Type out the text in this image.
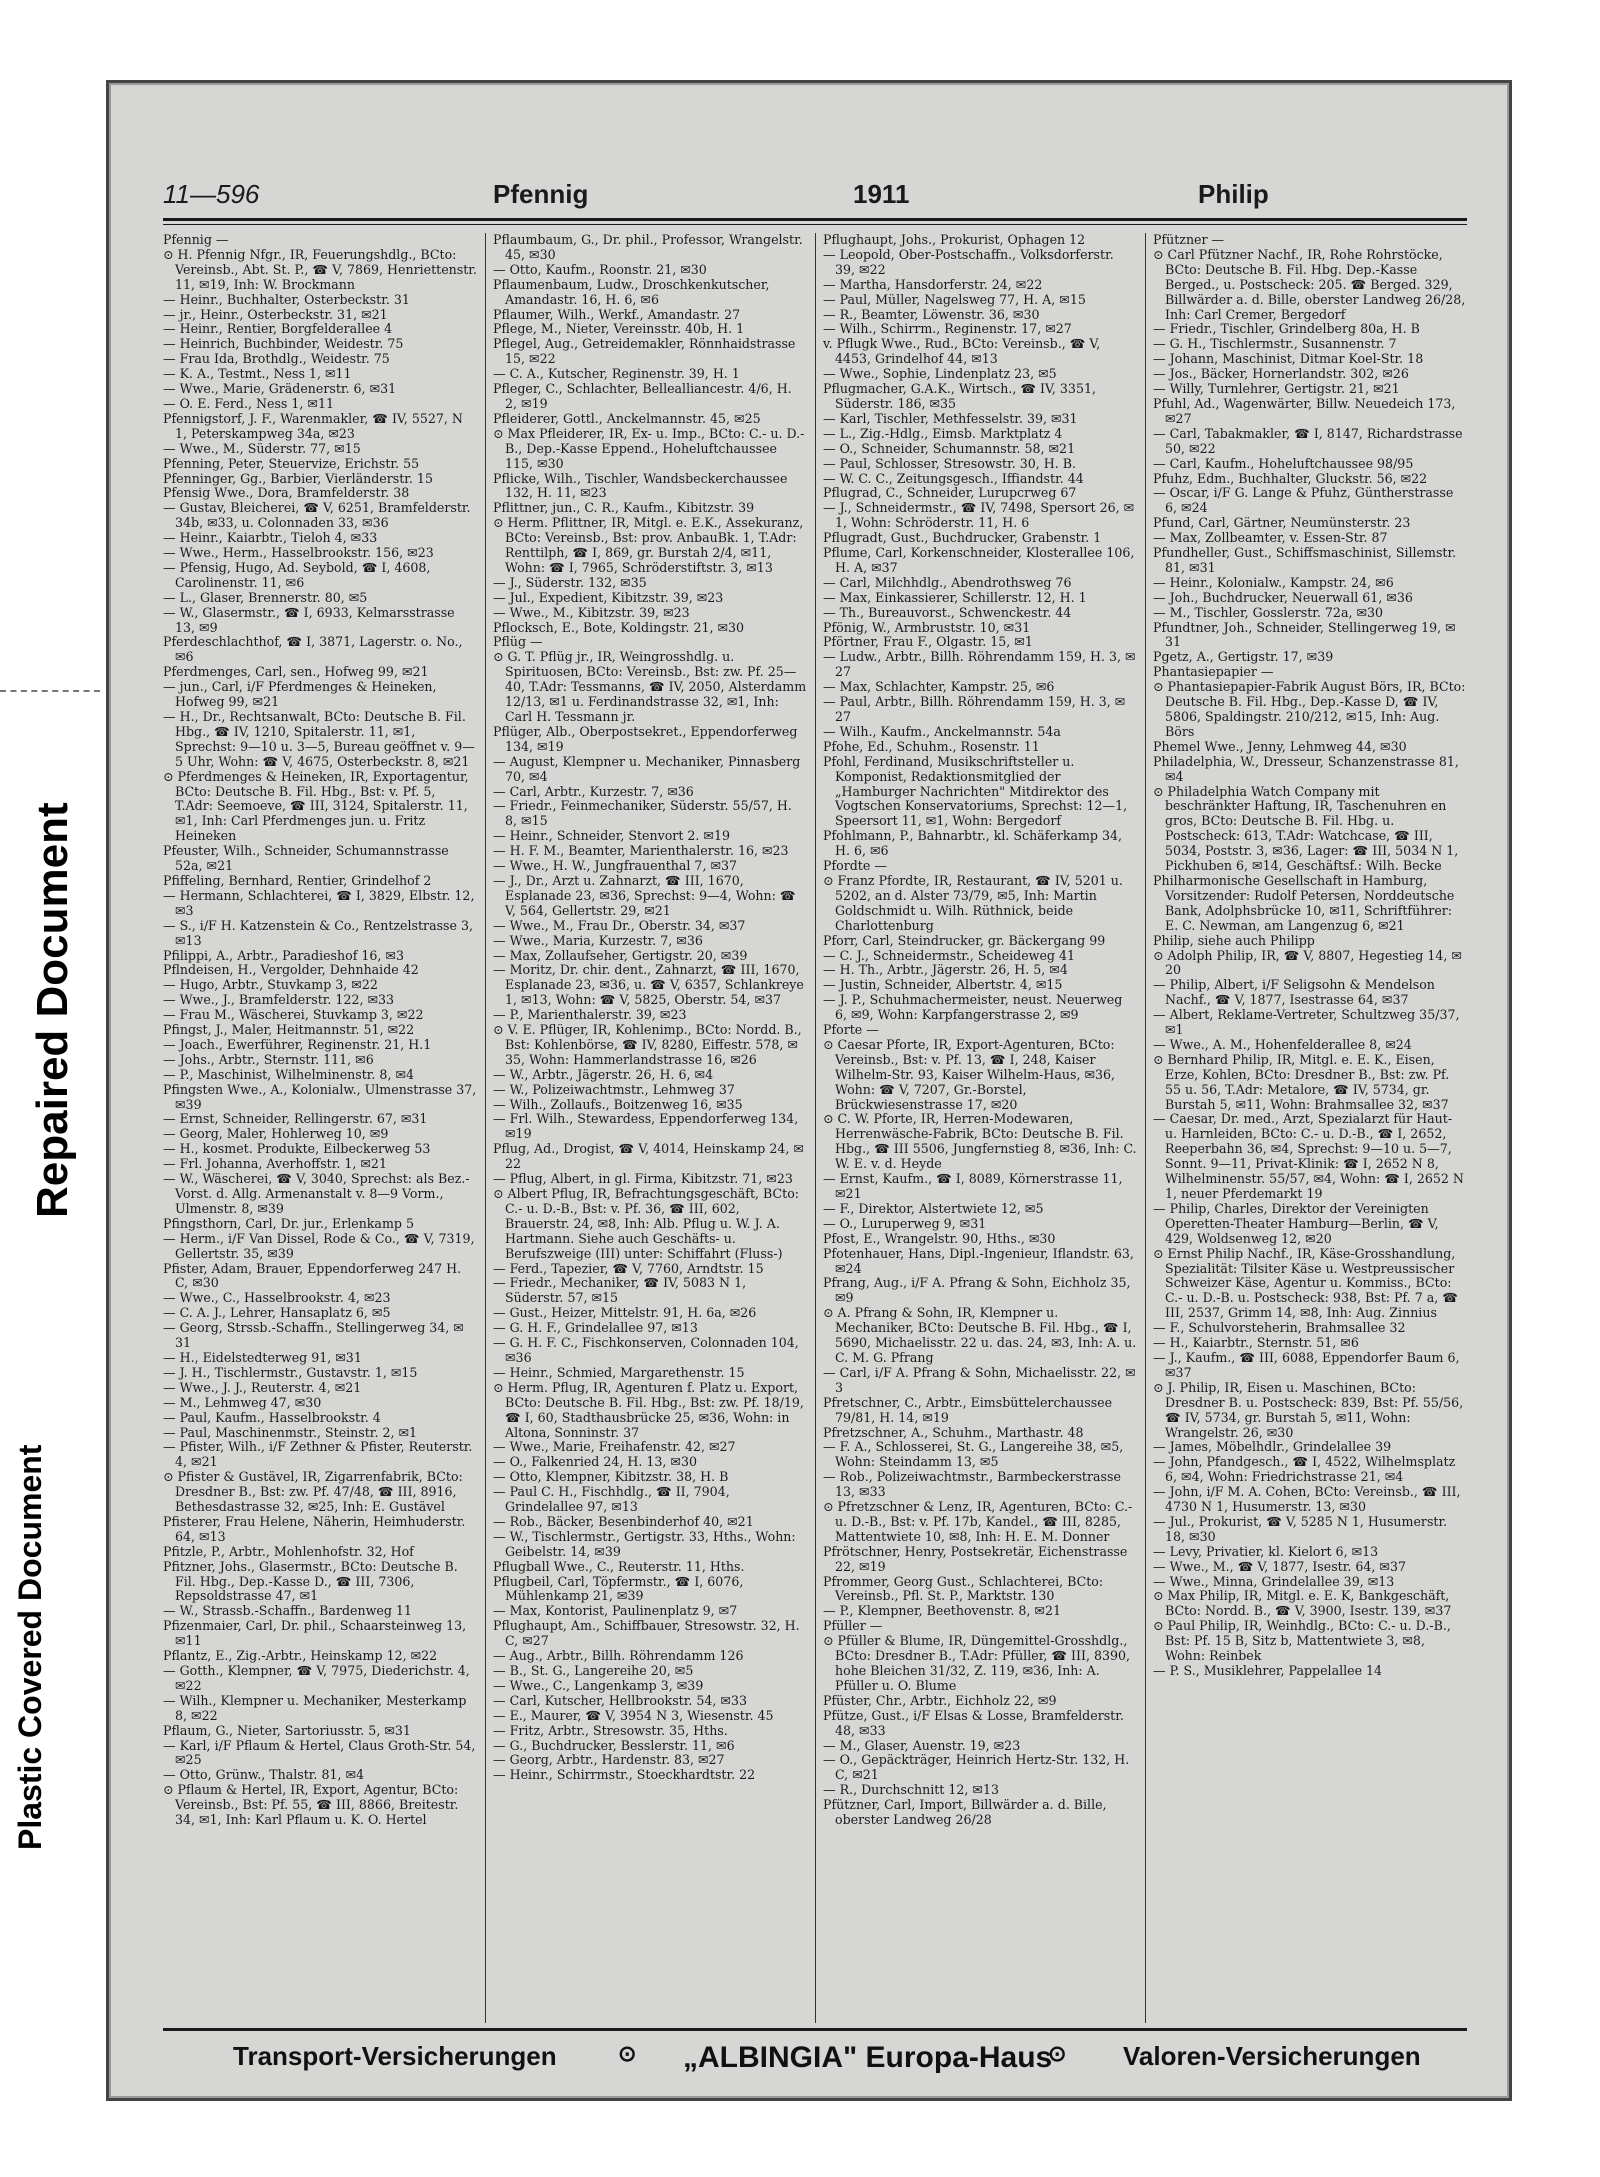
Repaired Document
Plastic Covered Document
11—596	Pfennig	1911	Philip

Pfennig —

⊙ H. Pfennig Nfgr., IR, Feuerungshdlg., BCto: Vereinsb., Abt. St. P., ☎ V, 7869, Henriettenstr. 11, ✉19, Inh: W. Brockmann

— Heinr., Buchhalter, Osterbeckstr. 31

— jr., Heinr., Osterbeckstr. 31, ✉21

— Heinr., Rentier, Borgfelderallee 4

— Heinrich, Buchbinder, Weidestr. 75

— Frau Ida, Brothdlg., Weidestr. 75

— K. A., Testmt., Ness 1, ✉11

— Wwe., Marie, Grädenerstr. 6, ✉31

— O. E. Ferd., Ness 1, ✉11

Pfennigstorf, J. F., Warenmakler, ☎ IV, 5527, N 1, Peterskampweg 34a, ✉23

— Wwe., M., Süderstr. 77, ✉15

Pfenning, Peter, Steuervize, Erichstr. 55

Pfenninger, Gg., Barbier, Vierländerstr. 15

Pfensig Wwe., Dora, Bramfelderstr. 38

— Gustav, Bleicherei, ☎ V, 6251, Bramfelderstr. 34b, ✉33, u. Colonnaden 33, ✉36

— Heinr., Kaiarbtr., Tieloh 4, ✉33

— Wwe., Herm., Hasselbrookstr. 156, ✉23

— Pfensig, Hugo, Ad. Seybold, ☎ I, 4608, Carolinenstr. 11, ✉6

— L., Glaser, Brennerstr. 80, ✉5

— W., Glasermstr., ☎ I, 6933, Kelmarsstrasse 13, ✉9

Pferdeschlachthof, ☎ I, 3871, Lagerstr. o. No., ✉6

Pferdmenges, Carl, sen., Hofweg 99, ✉21

— jun., Carl, i/F Pferdmenges & Heineken, Hofweg 99, ✉21

— H., Dr., Rechtsanwalt, BCto: Deutsche B. Fil. Hbg., ☎ IV, 1210, Spitalerstr. 11, ✉1, Sprechst: 9—10 u. 3—5, Bureau geöffnet v. 9—5 Uhr, Wohn: ☎ V, 4675, Osterbeckstr. 8, ✉21

⊙ Pferdmenges & Heineken, IR, Exportagentur, BCto: Deutsche B. Fil. Hbg., Bst: v. Pf. 5, T.Adr: Seemoeve, ☎ III, 3124, Spitalerstr. 11, ✉1, Inh: Carl Pferdmenges jun. u. Fritz Heineken

Pfeuster, Wilh., Schneider, Schumannstrasse 52a, ✉21

Pfiffeling, Bernhard, Rentier, Grindelhof 2

— Hermann, Schlachterei, ☎ I, 3829, Elbstr. 12, ✉3

— S., i/F H. Katzenstein & Co., Rentzelstrasse 3, ✉13

Pfilippi, A., Arbtr., Paradieshof 16, ✉3

Pflndeisen, H., Vergolder, Dehnhaide 42

— Hugo, Arbtr., Stuvkamp 3, ✉22

— Wwe., J., Bramfelderstr. 122, ✉33

— Frau M., Wäscherei, Stuvkamp 3, ✉22

Pfingst, J., Maler, Heitmannstr. 51, ✉22

— Joach., Ewerführer, Reginenstr. 21, H.1

— Johs., Arbtr., Sternstr. 111, ✉6

— P., Maschinist, Wilhelminenstr. 8, ✉4

Pfingsten Wwe., A., Kolonialw., Ulmenstrasse 37, ✉39

— Ernst, Schneider, Rellingerstr. 67, ✉31

— Georg, Maler, Hohlerweg 10, ✉9

— H., kosmet. Produkte, Eilbeckerweg 53

— Frl. Johanna, Averhoffstr. 1, ✉21

— W., Wäscherei, ☎ V, 3040, Sprechst: als Bez.-Vorst. d. Allg. Armenanstalt v. 8—9 Vorm., Ulmenstr. 8, ✉39

Pfingsthorn, Carl, Dr. jur., Erlenkamp 5

— Herm., i/F Van Dissel, Rode & Co., ☎ V, 7319, Gellertstr. 35, ✉39

Pfister, Adam, Brauer, Eppendorferweg 247 H. C, ✉30

— Wwe., C., Hasselbrookstr. 4, ✉23

— C. A. J., Lehrer, Hansaplatz 6, ✉5

— Georg, Strssb.-Schaffn., Stellingerweg 34, ✉31

— H., Eidelstedterweg 91, ✉31

— J. H., Tischlermstr., Gustavstr. 1, ✉15

— Wwe., J. J., Reuterstr. 4, ✉21

— M., Lehmweg 47, ✉30

— Paul, Kaufm., Hasselbrookstr. 4

— Paul, Maschinenmstr., Steinstr. 2, ✉1

— Pfister, Wilh., i/F Zethner & Pfister, Reuterstr. 4, ✉21

⊙ Pfister & Gustävel, IR, Zigarrenfabrik, BCto: Dresdner B., Bst: zw. Pf. 47/48, ☎ III, 8916, Bethesdastrasse 32, ✉25, Inh: E. Gustävel

Pfisterer, Frau Helene, Näherin, Heimhuderstr. 64, ✉13

Pfitzle, P., Arbtr., Mohlenhofstr. 32, Hof

Pfitzner, Johs., Glasermstr., BCto: Deutsche B. Fil. Hbg., Dep.-Kasse D., ☎ III, 7306, Repsoldstrasse 47, ✉1

— W., Strassb.-Schaffn., Bardenweg 11

Pfizenmaier, Carl, Dr. phil., Schaarsteinweg 13, ✉11

Pflantz, E., Zig.-Arbtr., Heinskamp 12, ✉22

— Gotth., Klempner, ☎ V, 7975, Diederichstr. 4, ✉22

— Wilh., Klempner u. Mechaniker, Mesterkamp 8, ✉22

Pflaum, G., Nieter, Sartoriusstr. 5, ✉31

— Karl, i/F Pflaum & Hertel, Claus Groth-Str. 54, ✉25

— Otto, Grünw., Thalstr. 81, ✉4

⊙ Pflaum & Hertel, IR, Export, Agentur, BCto: Vereinsb., Bst: Pf. 55, ☎ III, 8866, Breitestr. 34, ✉1, Inh: Karl Pflaum u. K. O. Hertel

Pflaumbaum, G., Dr. phil., Professor, Wrangelstr. 45, ✉30

— Otto, Kaufm., Roonstr. 21, ✉30

Pflaumenbaum, Ludw., Droschkenkutscher, Amandastr. 16, H. 6, ✉6

Pflaumer, Wilh., Werkf., Amandastr. 27

Pflege, M., Nieter, Vereinsstr. 40b, H. 1

Pflegel, Aug., Getreidemakler, Rönnhaidstrasse 15, ✉22

— C. A., Kutscher, Reginenstr. 39, H. 1

Pfleger, C., Schlachter, Bellealliancestr. 4/6, H. 2, ✉19

Pfleiderer, Gottl., Anckelmannstr. 45, ✉25

⊙ Max Pfleiderer, IR, Ex- u. Imp., BCto: C.- u. D.-B., Dep.-Kasse Eppend., Hoheluftchaussee 115, ✉30

Pflicke, Wilh., Tischler, Wandsbeckerchaussee 132, H. 11, ✉23

Pflittner, jun., C. R., Kaufm., Kibitzstr. 39

⊙ Herm. Pflittner, IR, Mitgl. e. E.K., Assekuranz, BCto: Vereinsb., Bst: prov. AnbauBk. 1, T.Adr: Renttilph, ☎ I, 869, gr. Burstah 2/4, ✉11, Wohn: ☎ I, 7965, Schröderstiftstr. 3, ✉13

— J., Süderstr. 132, ✉35

— Jul., Expedient, Kibitzstr. 39, ✉23

— Wwe., M., Kibitzstr. 39, ✉23

Pflocksch, E., Bote, Koldingstr. 21, ✉30

Pflüg —

⊙ G. T. Pflüg jr., IR, Weingrosshdlg. u. Spirituosen, BCto: Vereinsb., Bst: zw. Pf. 25—40, T.Adr: Tessmanns, ☎ IV, 2050, Alsterdamm 12/13, ✉1 u. Ferdinandstrasse 32, ✉1, Inh: Carl H. Tessmann jr.

Pflüger, Alb., Oberpostsekret., Eppendorferweg 134, ✉19

— August, Klempner u. Mechaniker, Pinnasberg 70, ✉4

— Carl, Arbtr., Kurzestr. 7, ✉36

— Friedr., Feinmechaniker, Süderstr. 55/57, H. 8, ✉15

— Heinr., Schneider, Stenvort 2. ✉19

— H. F. M., Beamter, Marienthalerstr. 16, ✉23

— Wwe., H. W., Jungfrauenthal 7, ✉37

— J., Dr., Arzt u. Zahnarzt, ☎ III, 1670, Esplanade 23, ✉36, Sprechst: 9—4, Wohn: ☎ V, 564, Gellertstr. 29, ✉21

— Wwe., M., Frau Dr., Oberstr. 34, ✉37

— Wwe., Maria, Kurzestr. 7, ✉36

— Max, Zollaufseher, Gertigstr. 20, ✉39

— Moritz, Dr. chir. dent., Zahnarzt, ☎ III, 1670, Esplanade 23, ✉36, u. ☎ V, 6357, Schlankreye 1, ✉13, Wohn: ☎ V, 5825, Oberstr. 54, ✉37

— P., Marienthalerstr. 39, ✉23

⊙ V. E. Pflüger, IR, Kohlenimp., BCto: Nordd. B., Bst: Kohlenbörse, ☎ IV, 8280, Eiffestr. 578, ✉35, Wohn: Hammerlandstrasse 16, ✉26

— W., Arbtr., Jägerstr. 26, H. 6, ✉4

— W., Polizeiwachtmstr., Lehmweg 37

— Wilh., Zollaufs., Boitzenweg 16, ✉35

— Frl. Wilh., Stewardess, Eppendorferweg 134, ✉19

Pflug, Ad., Drogist, ☎ V, 4014, Heinskamp 24, ✉22

— Pflug, Albert, in gl. Firma, Kibitzstr. 71, ✉23

⊙ Albert Pflug, IR, Befrachtungsgeschäft, BCto: C.- u. D.-B., Bst: v. Pf. 36, ☎ III, 602, Brauerstr. 24, ✉8, Inh: Alb. Pflug u. W. J. A. Hartmann. Siehe auch Geschäfts- u. Berufszweige (III) unter: Schiffahrt (Fluss-)

— Ferd., Tapezier, ☎ V, 7760, Arndtstr. 15

— Friedr., Mechaniker, ☎ IV, 5083 N 1, Süderstr. 57, ✉15

— Gust., Heizer, Mittelstr. 91, H. 6a, ✉26

— G. H. F., Grindelallee 97, ✉13

— G. H. F. C., Fischkonserven, Colonnaden 104, ✉36

— Heinr., Schmied, Margarethenstr. 15

⊙ Herm. Pflug, IR, Agenturen f. Platz u. Export, BCto: Deutsche B. Fil. Hbg., Bst: zw. Pf. 18/19, ☎ I, 60, Stadthausbrücke 25, ✉36, Wohn: in Altona, Sonninstr. 37

— Wwe., Marie, Freihafenstr. 42, ✉27

— O., Falkenried 24, H. 13, ✉30

— Otto, Klempner, Kibitzstr. 38, H. B

— Paul C. H., Fischhdlg., ☎ II, 7904, Grindelallee 97, ✉13

— Rob., Bäcker, Besenbinderhof 40, ✉21

— W., Tischlermstr., Gertigstr. 33, Hths., Wohn: Geibelstr. 14, ✉39

Pflugball Wwe., C., Reuterstr. 11, Hths.

Pflugbeil, Carl, Töpfermstr., ☎ I, 6076, Mühlenkamp 21, ✉39

— Max, Kontorist, Paulinenplatz 9, ✉7

Pflughaupt, Am., Schiffbauer, Stresowstr. 32, H. C, ✉27

— Aug., Arbtr., Billh. Röhrendamm 126

— B., St. G., Langereihe 20, ✉5

— Wwe., C., Langenkamp 3, ✉39

— Carl, Kutscher, Hellbrookstr. 54, ✉33

— E., Maurer, ☎ V, 3954 N 3, Wiesenstr. 45

— Fritz, Arbtr., Stresowstr. 35, Hths.

— G., Buchdrucker, Besslerstr. 11, ✉6

— Georg, Arbtr., Hardenstr. 83, ✉27

— Heinr., Schirrmstr., Stoeckhardtstr. 22

Pflughaupt, Johs., Prokurist, Ophagen 12

— Leopold, Ober-Postschaffn., Volksdorferstr. 39, ✉22

— Martha, Hansdorferstr. 24, ✉22

— Paul, Müller, Nagelsweg 77, H. A, ✉15

— R., Beamter, Löwenstr. 36, ✉30

— Wilh., Schirrm., Reginenstr. 17, ✉27

v. Pflugk Wwe., Rud., BCto: Vereinsb., ☎ V, 4453, Grindelhof 44, ✉13

— Wwe., Sophie, Lindenplatz 23, ✉5

Pflugmacher, G.A.K., Wirtsch., ☎ IV, 3351, Süderstr. 186, ✉35

— Karl, Tischler, Methfesselstr. 39, ✉31

— L., Zig.-Hdlg., Eimsb. Marktplatz 4

— O., Schneider, Schumannstr. 58, ✉21

— Paul, Schlosser, Stresowstr. 30, H. B.

— W. C. C., Zeitungsgesch., Iffiandstr. 44

Pflugrad, C., Schneider, Lurupcrweg 67

— J., Schneidermstr., ☎ IV, 7498, Spersort 26, ✉1, Wohn: Schröderstr. 11, H. 6

Pflugradt, Gust., Buchdrucker, Grabenstr. 1

Pflume, Carl, Korkenschneider, Klosterallee 106, H. A, ✉37

— Carl, Milchhdlg., Abendrothsweg 76

— Max, Einkassierer, Schillerstr. 12, H. 1

— Th., Bureauvorst., Schwenckestr. 44

Pfönig, W., Armbruststr. 10, ✉31

Pförtner, Frau F., Olgastr. 15, ✉1

— Ludw., Arbtr., Billh. Röhrendamm 159, H. 3, ✉27

— Max, Schlachter, Kampstr. 25, ✉6

— Paul, Arbtr., Billh. Röhrendamm 159, H. 3, ✉27

— Wilh., Kaufm., Anckelmannstr. 54a

Pfohe, Ed., Schuhm., Rosenstr. 11

Pfohl, Ferdinand, Musikschriftsteller u. Komponist, Redaktionsmitglied der „Hamburger Nachrichten" Mitdirektor des Vogtschen Konservatoriums, Sprechst: 12—1, Speersort 11, ✉1, Wohn: Bergedorf

Pfohlmann, P., Bahnarbtr., kl. Schäferkamp 34, H. 6, ✉6

Pfordte —

⊙ Franz Pfordte, IR, Restaurant, ☎ IV, 5201 u. 5202, an d. Alster 73/79, ✉5, Inh: Martin Goldschmidt u. Wilh. Rüthnick, beide Charlottenburg

Pforr, Carl, Steindrucker, gr. Bäckergang 99

— C. J., Schneidermstr., Scheideweg 41

— H. Th., Arbtr., Jägerstr. 26, H. 5, ✉4

— Justin, Schneider, Albertstr. 4, ✉15

— J. P., Schuhmachermeister, neust. Neuerweg 6, ✉9, Wohn: Karpfangerstrasse 2, ✉9

Pforte —

⊙ Caesar Pforte, IR, Export-Agenturen, BCto: Vereinsb., Bst: v. Pf. 13, ☎ I, 248, Kaiser Wilhelm-Str. 93, Kaiser Wilhelm-Haus, ✉36, Wohn: ☎ V, 7207, Gr.-Borstel, Brückwiesenstrasse 17, ✉20

⊙ C. W. Pforte, IR, Herren-Modewaren, Herrenwäsche-Fabrik, BCto: Deutsche B. Fil. Hbg., ☎ III 5506, Jungfernstieg 8, ✉36, Inh: C. W. E. v. d. Heyde

— Ernst, Kaufm., ☎ I, 8089, Körnerstrasse 11, ✉21

— F., Direktor, Alstertwiete 12, ✉5

— O., Luruperweg 9, ✉31

Pfost, E., Wrangelstr. 90, Hths., ✉30

Pfotenhauer, Hans, Dipl.-Ingenieur, Iflandstr. 63, ✉24

Pfrang, Aug., i/F A. Pfrang & Sohn, Eichholz 35, ✉9

⊙ A. Pfrang & Sohn, IR, Klempner u. Mechaniker, BCto: Deutsche B. Fil. Hbg., ☎ I, 5690, Michaelisstr. 22 u. das. 24, ✉3, Inh: A. u. C. M. G. Pfrang

— Carl, i/F A. Pfrang & Sohn, Michaelisstr. 22, ✉3

Pfretschner, C., Arbtr., Eimsbüttelerchaussee 79/81, H. 14, ✉19

Pfretzschner, A., Schuhm., Marthastr. 48

— F. A., Schlosserei, St. G., Langereihe 38, ✉5, Wohn: Steindamm 13, ✉5

— Rob., Polizeiwachtmstr., Barmbeckerstrasse 13, ✉33

⊙ Pfretzschner & Lenz, IR, Agenturen, BCto: C.- u. D.-B., Bst: v. Pf. 17b, Kandel., ☎ III, 8285, Mattentwiete 10, ✉8, Inh: H. E. M. Donner

Pfrötschner, Henry, Postsekretär, Eichenstrasse 22, ✉19

Pfrommer, Georg Gust., Schlachterei, BCto: Vereinsb., Pfl. St. P., Marktstr. 130

— P., Klempner, Beethovenstr. 8, ✉21

Pfüller —

⊙ Pfüller & Blume, IR, Düngemittel-Grosshdlg., BCto: Dresdner B., T.Adr: Pfüller, ☎ III, 8390, hohe Bleichen 31/32, Z. 119, ✉36, Inh: A. Pfüller u. O. Blume

Pfüster, Chr., Arbtr., Eichholz 22, ✉9

Pfütze, Gust., i/F Elsas & Losse, Bramfelderstr. 48, ✉33

— M., Glaser, Auenstr. 19, ✉23

— O., Gepäckträger, Heinrich Hertz-Str. 132, H. C, ✉21

— R., Durchschnitt 12, ✉13

Pfützner, Carl, Import, Billwärder a. d. Bille, oberster Landweg 26/28

Pfützner —

⊙ Carl Pfützner Nachf., IR, Rohe Rohrstöcke, BCto: Deutsche B. Fil. Hbg. Dep.-Kasse Berged., u. Postscheck: 205. ☎ Berged. 329, Billwärder a. d. Bille, oberster Landweg 26/28, Inh: Carl Cremer, Bergedorf

— Friedr., Tischler, Grindelberg 80a, H. B

— G. H., Tischlermstr., Susannenstr. 7

— Johann, Maschinist, Ditmar Koel-Str. 18

— Jos., Bäcker, Hornerlandstr. 302, ✉26

— Willy, Turnlehrer, Gertigstr. 21, ✉21

Pfuhl, Ad., Wagenwärter, Billw. Neuedeich 173, ✉27

— Carl, Tabakmakler, ☎ I, 8147, Richardstrasse 50, ✉22

— Carl, Kaufm., Hoheluftchaussee 98/95

Pfuhz, Edm., Buchhalter, Gluckstr. 56, ✉22

— Oscar, i/F G. Lange & Pfuhz, Güntherstrasse 6, ✉24

Pfund, Carl, Gärtner, Neumünsterstr. 23

— Max, Zollbeamter, v. Essen-Str. 87

Pfundheller, Gust., Schiffsmaschinist, Sillemstr. 81, ✉31

— Heinr., Kolonialw., Kampstr. 24, ✉6

— Joh., Buchdrucker, Neuerwall 61, ✉36

— M., Tischler, Gosslerstr. 72a, ✉30

Pfundtner, Joh., Schneider, Stellingerweg 19, ✉31

Pgetz, A., Gertigstr. 17, ✉39

Phantasiepapier —

⊙ Phantasiepapier-Fabrik August Börs, IR, BCto: Deutsche B. Fil. Hbg., Dep.-Kasse D, ☎ IV, 5806, Spaldingstr. 210/212, ✉15, Inh: Aug. Börs

Phemel Wwe., Jenny, Lehmweg 44, ✉30

Philadelphia, W., Dresseur, Schanzenstrasse 81, ✉4

⊙ Philadelphia Watch Company mit beschränkter Haftung, IR, Taschenuhren en gros, BCto: Deutsche B. Fil. Hbg. u. Postscheck: 613, T.Adr: Watchcase, ☎ III, 5034, Poststr. 3, ✉36, Lager: ☎ III, 5034 N 1, Pickhuben 6, ✉14, Geschäftsf.: Wilh. Becke

Philharmonische Gesellschaft in Hamburg, Vorsitzender: Rudolf Petersen, Norddeutsche Bank, Adolphsbrücke 10, ✉11, Schriftführer: E. C. Newman, am Langenzug 6, ✉21

Philip, siehe auch Philipp

⊙ Adolph Philip, IR, ☎ V, 8807, Hegestieg 14, ✉20

— Philip, Albert, i/F Seligsohn & Mendelson Nachf., ☎ V, 1877, Isestrasse 64, ✉37

— Albert, Reklame-Vertreter, Schultzweg 35/37, ✉1

— Wwe., A. M., Hohenfelderallee 8, ✉24

⊙ Bernhard Philip, IR, Mitgl. e. E. K., Eisen, Erze, Kohlen, BCto: Dresdner B., Bst: zw. Pf. 55 u. 56, T.Adr: Metalore, ☎ IV, 5734, gr. Burstah 5, ✉11, Wohn: Brahmsallee 32, ✉37

— Caesar, Dr. med., Arzt, Spezialarzt für Haut- u. Harnleiden, BCto: C.- u. D.-B., ☎ I, 2652, Reeperbahn 36, ✉4, Sprechst: 9—10 u. 5—7, Sonnt. 9—11, Privat-Klinik: ☎ I, 2652 N 8, Wilhelminenstr. 55/57, ✉4, Wohn: ☎ I, 2652 N 1, neuer Pferdemarkt 19

— Philip, Charles, Direktor der Vereinigten Operetten-Theater Hamburg—Berlin, ☎ V, 429, Woldsenweg 12, ✉20

⊙ Ernst Philip Nachf., IR, Käse-Grosshandlung, Spezialität: Tilsiter Käse u. Westpreussischer Schweizer Käse, Agentur u. Kommiss., BCto: C.- u. D.-B. u. Postscheck: 938, Bst: Pf. 7 a, ☎ III, 2537, Grimm 14, ✉8, Inh: Aug. Zinnius

— F., Schulvorsteherin, Brahmsallee 32

— H., Kaiarbtr., Sternstr. 51, ✉6

— J., Kaufm., ☎ III, 6088, Eppendorfer Baum 6, ✉37

⊙ J. Philip, IR, Eisen u. Maschinen, BCto: Dresdner B. u. Postscheck: 839, Bst: Pf. 55/56, ☎ IV, 5734, gr. Burstah 5, ✉11, Wohn: Wrangelstr. 26, ✉30

— James, Möbelhdlr., Grindelallee 39

— John, Pfandgesch., ☎ I, 4522, Wilhelmsplatz 6, ✉4, Wohn: Friedrichstrasse 21, ✉4

— John, i/F M. A. Cohen, BCto: Vereinsb., ☎ III, 4730 N 1, Husumerstr. 13, ✉30

— Jul., Prokurist, ☎ V, 5285 N 1, Husumerstr. 18, ✉30

— Levy, Privatier, kl. Kielort 6, ✉13

— Wwe., M., ☎ V, 1877, Isestr. 64, ✉37

— Wwe., Minna, Grindelallee 39, ✉13

⊙ Max Philip, IR, Mitgl. e. E. K, Bankgeschäft, BCto: Nordd. B., ☎ V, 3900, Isestr. 139, ✉37

⊙ Paul Philip, IR, Weinhdlg., BCto: C.- u. D.-B., Bst: Pf. 15 B, Sitz b, Mattentwiete 3, ✉8, Wohn: Reinbek

— P. S., Musiklehrer, Pappelallee 14

Transport-Versicherungen	⊙ „ALBINGIA" Europa-Haus
⊙ Valoren-Versicherungen
